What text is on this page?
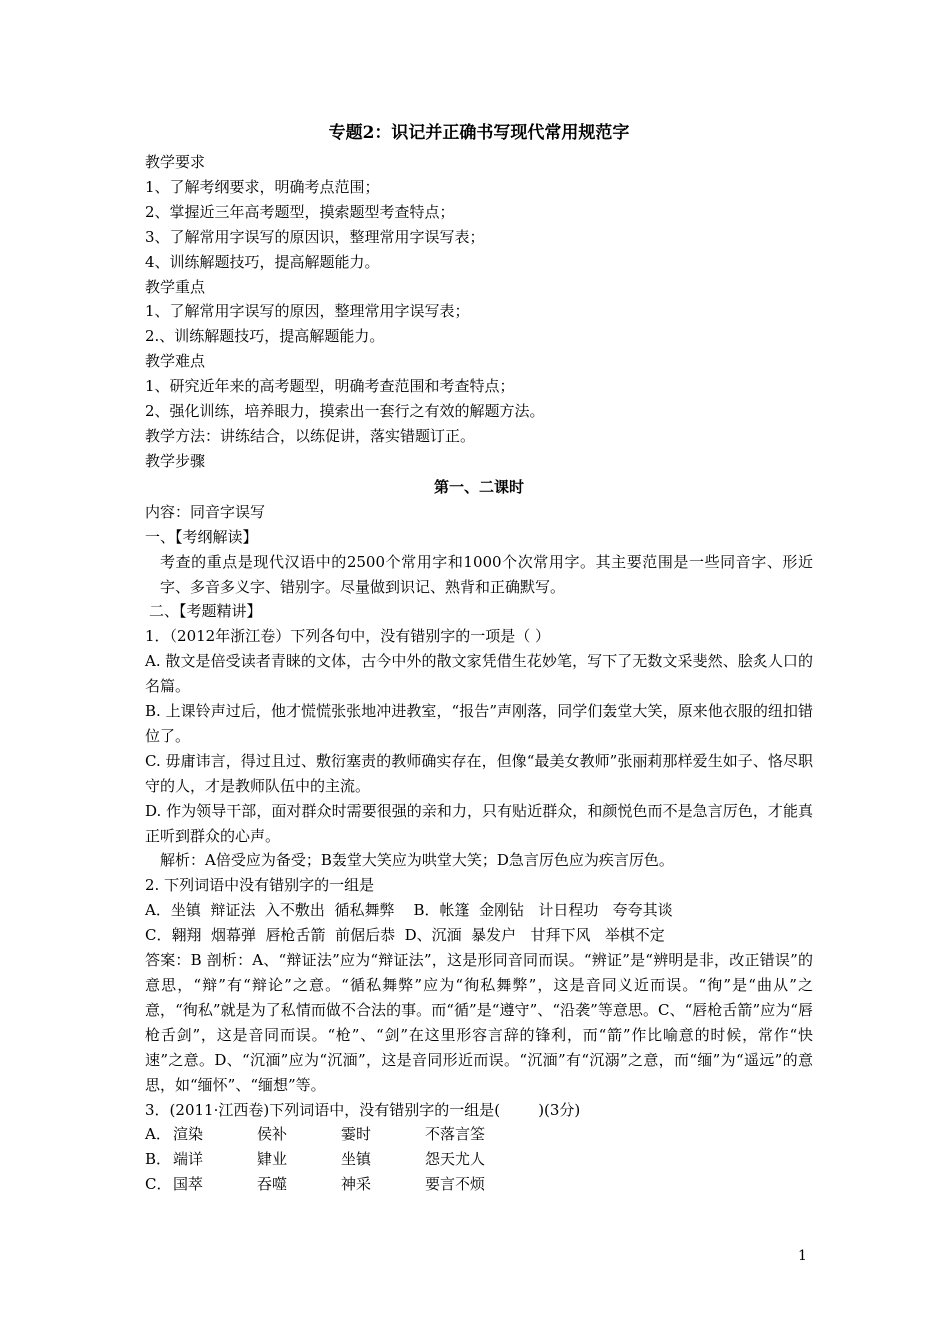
专题2：识记并正确书写现代常用规范字
教学要求
1、了解考纲要求，明确考点范围；
2、掌握近三年高考题型，摸索题型考查特点；
3、了解常用字误写的原因识，整理常用字误写表；
4、训练解题技巧，提高解题能力。
教学重点
1、了解常用字误写的原因，整理常用字误写表；
2.、训练解题技巧，提高解题能力。
教学难点
1、研究近年来的高考题型，明确考查范围和考查特点；
2、强化训练，培养眼力，摸索出一套行之有效的解题方法。
教学方法：讲练结合，以练促讲，落实错题订正。
教学步骤
第一、二课时
内容：同音字误写
一、【考纲解读】
考查的重点是现代汉语中的2500个常用字和1000个次常用字。其主要范围是一些同音字、形近字、多音多义字、错别字。尽量做到识记、熟背和正确默写。
二、【考题精讲】
1．（2012年浙江卷）下列各句中，没有错别字的一项是（ ）
A. 散文是倍受读者青睐的文体，古今中外的散文家凭借生花妙笔，写下了无数文采斐然、脍炙人口的名篇。
B. 上课铃声过后，他才慌慌张张地冲进教室，“报告”声刚落，同学们轰堂大笑，原来他衣服的纽扣错位了。
C. 毋庸讳言，得过且过、敷衍塞责的教师确实存在，但像“最美女教师”张丽莉那样爱生如子、恪尽职守的人，才是教师队伍中的主流。
D. 作为领导干部，面对群众时需要很强的亲和力，只有贴近群众，和颜悦色而不是急言厉色，才能真正听到群众的心声。
解析：A倍受应为备受；B轰堂大笑应为哄堂大笑；D急言厉色应为疾言厉色。
2. 下列词语中没有错别字的一组是
A．坐镇  辩证法  入不敷出  循私舞弊    B．帐篷  金刚钻   计日程功   夸夸其谈
C．翱翔  烟幕弹  唇枪舌箭  前倨后恭  D、沉湎  暴发户   甘拜下风   举棋不定
答案：B 剖析：A、“辩证法”应为“辩证法”，这是形同音同而误。“辨证”是“辨明是非，改正错误”的意思，“辩”有“辩论”之意。“循私舞弊”应为“徇私舞弊”，这是音同义近而误。“徇”是“曲从”之意，“徇私”就是为了私情而做不合法的事。而“循”是“遵守”、“沿袭”等意思。C、“唇枪舌箭”应为“唇枪舌剑”，这是音同而误。“枪”、“剑”在这里形容言辞的锋利，而“箭”作比喻意的时候，常作“快速”之意。D、“沉湎”应为“沉湎”，这是音同形近而误。“沉湎”有“沉溺”之意，而“缅”为“遥远”的意思，如“缅怀”、“缅想”等。
3．(2011·江西卷)下列词语中，没有错别字的一组是(        )(3分)
A． 渲染	侯补	霎时	不落言筌
B． 端详	肄业	坐镇	怨天尤人
C． 国萃	吞噬	神采	要言不烦
1
